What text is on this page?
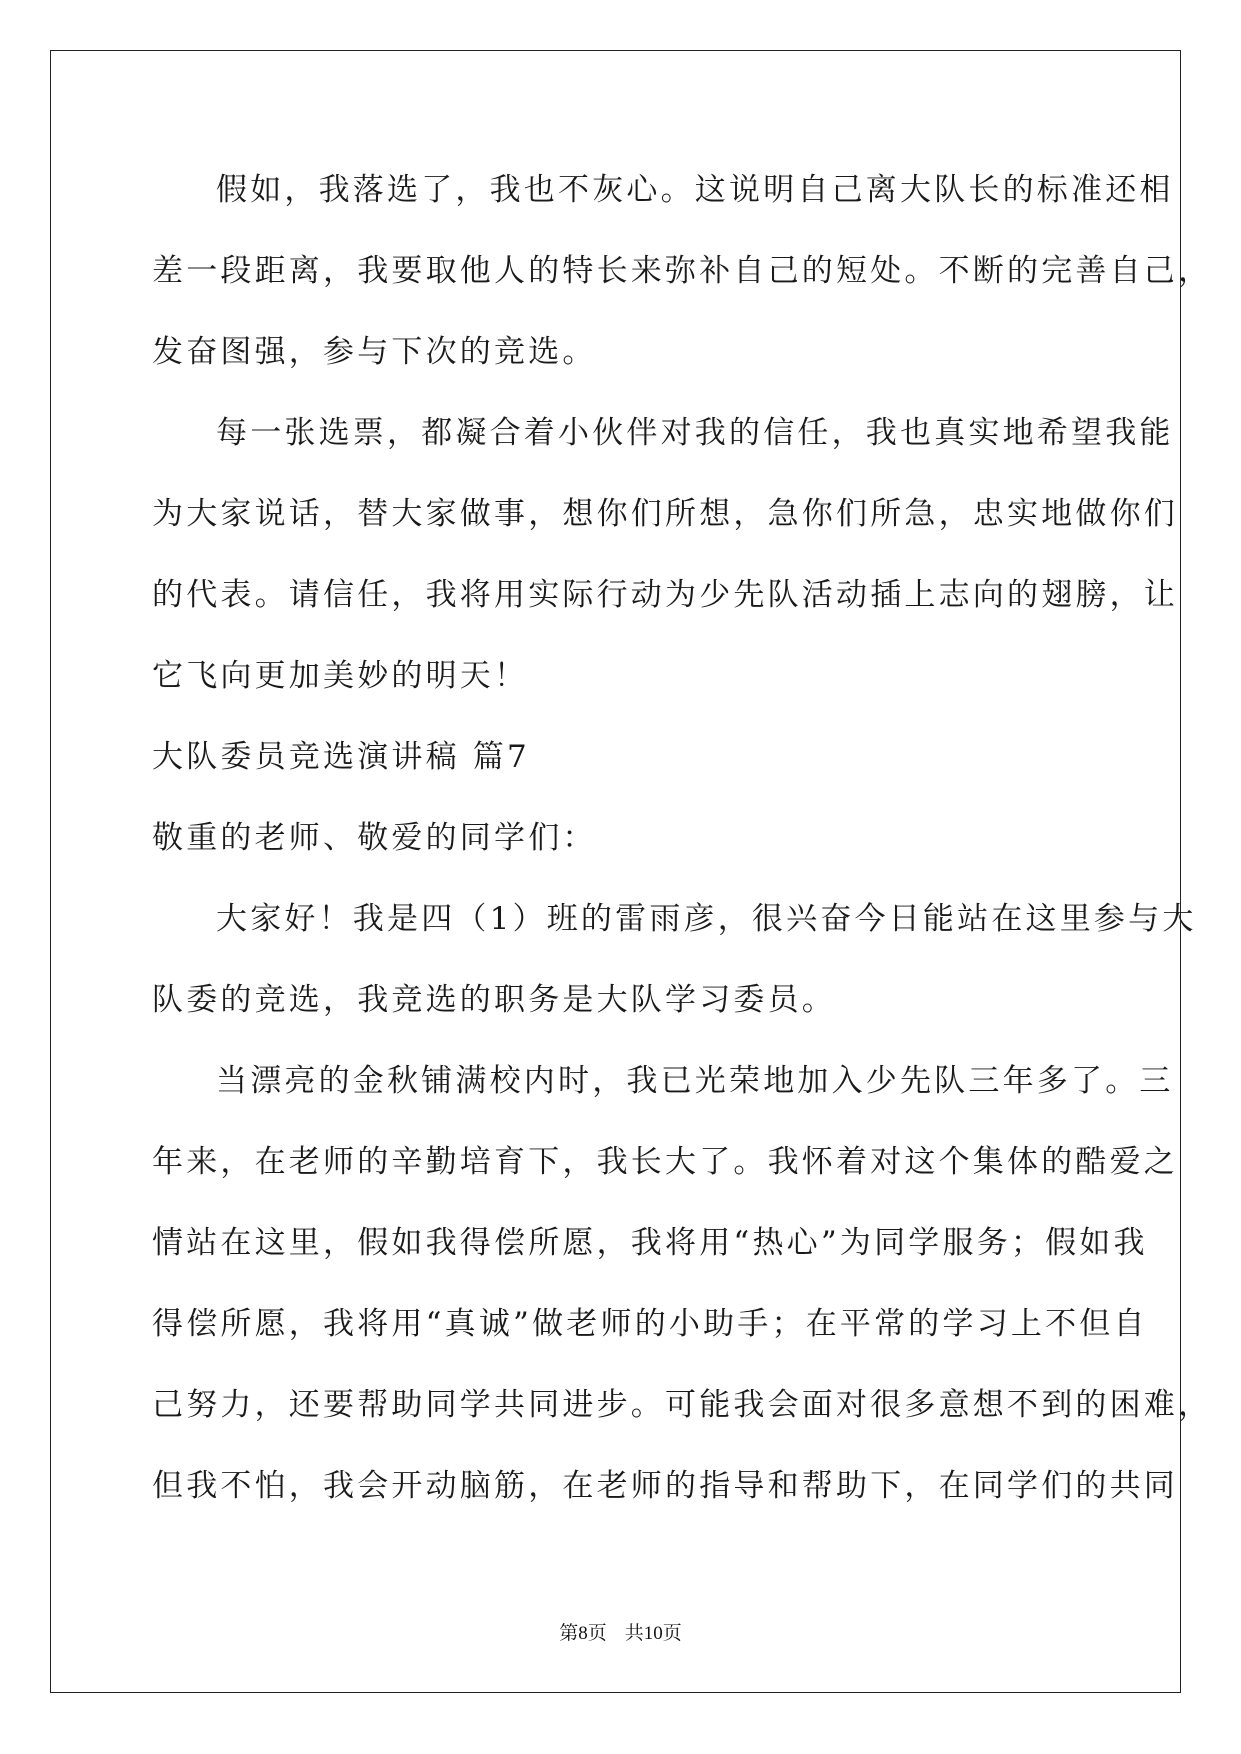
假如，我落选了，我也不灰心。这说明自己离大队长的标准还相
差一段距离，我要取他人的特长来弥补自己的短处。不断的完善自己，
发奋图强，参与下次的竞选。
每一张选票，都凝合着小伙伴对我的信任，我也真实地希望我能
为大家说话，替大家做事，想你们所想，急你们所急，忠实地做你们
的代表。请信任，我将用实际行动为少先队活动插上志向的翅膀，让
它飞向更加美妙的明天！
大队委员竞选演讲稿 篇7
敬重的老师、敬爱的同学们：
大家好！我是四（1）班的雷雨彦，很兴奋今日能站在这里参与大
队委的竞选，我竞选的职务是大队学习委员。
当漂亮的金秋铺满校内时，我已光荣地加入少先队三年多了。三
年来，在老师的辛勤培育下，我长大了。我怀着对这个集体的酷爱之
情站在这里，假如我得偿所愿，我将用“热心”为同学服务；假如我
得偿所愿，我将用“真诚”做老师的小助手；在平常的学习上不但自
己努力，还要帮助同学共同进步。可能我会面对很多意想不到的困难，
但我不怕，我会开动脑筋，在老师的指导和帮助下，在同学们的共同
第8页 共10页
